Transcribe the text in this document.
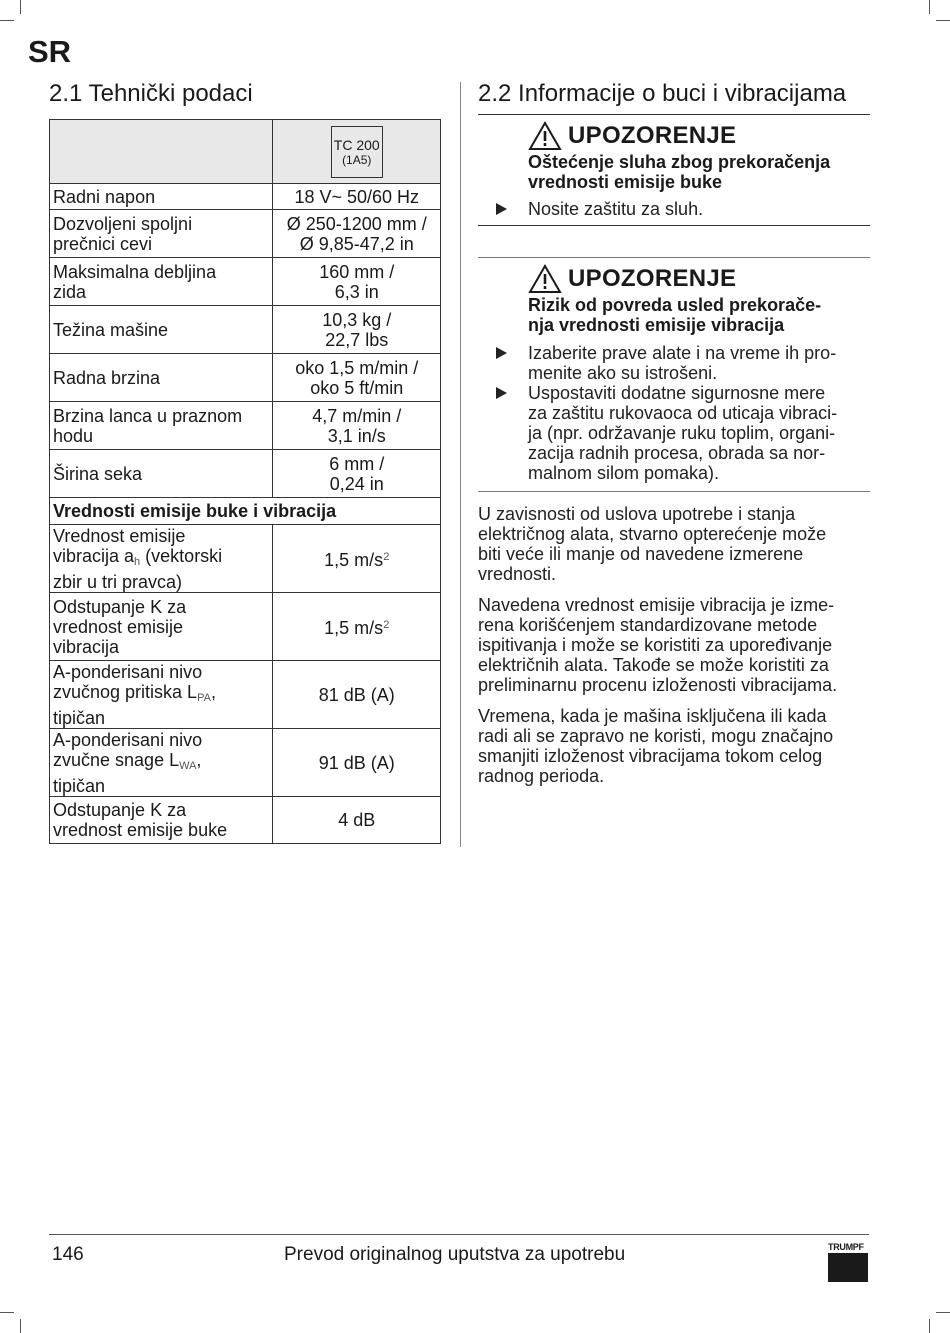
SR
2.1 Tehnički podaci

	TC 200
(1A5)

Radni napon	18 V~ 50/60 Hz
Dozvoljeni spoljni
prečnici cevi	Ø 250-1200 mm /
Ø 9,85-47,2 in
Maksimalna debljina
zida	160 mm /
6,3 in
Težina mašine	10,3 kg /
22,7 lbs
Radna brzina	oko 1,5 m/min /
oko 5 ft/min
Brzina lanca u praznom
hodu	4,7 m/min /
3,1 in/s
Širina seka	6 mm /
0,24 in
Vrednosti emisije buke i vibracija	
Vrednost emisije
vibracija $a_h$ (vektorski
zbir u tri pravca)	1,5 $m/s^2$
Odstupanje K za
vrednost emisije
vibracija	1,5 $m/s^2$
A-ponderisani nivo
zvučnog pritiska $L_{PA}$,
tipičan	81 dB (A)
A-ponderisani nivo
zvučne snage $L_{WA}$,
tipičan	91 dB (A)
Odstupanje K za
vrednost emisije buke	4 dB
2.2 Informacije o buci i vibracijama
UPOZORENJE
Oštećenje sluha zbog prekoračenja
vrednosti emisije buke
Nosite zaštitu za sluh.
UPOZORENJE
Rizik od povreda usled prekorače-
nja vrednosti emisije vibracija
Izaberite prave alate i na vreme ih pro-
menite ako su istrošeni.
Uspostaviti dodatne sigurnosne mere
za zaštitu rukovaoca od uticaja vibraci-
ja (npr. održavanje ruku toplim, organi-
zacija radnih procesa, obrada sa nor-
malnom silom pomaka).
U zavisnosti od uslova upotrebe i stanja
električnog alata, stvarno opterećenje može
biti veće ili manje od navedene izmerene
vrednosti.
Navedena vrednost emisije vibracija je izme-
rena korišćenjem standardizovane metode
ispitivanja i može se koristiti za upoređivanje
električnih alata. Takođe se može koristiti za
preliminarnu procenu izloženosti vibracijama.
Vremena, kada je mašina isključena ili kada
radi ali se zapravo ne koristi, mogu značajno
smanjiti izloženost vibracijama tokom celog
radnog perioda.
146	Prevod originalnog uputstva za upotrebu	TRUMPF
